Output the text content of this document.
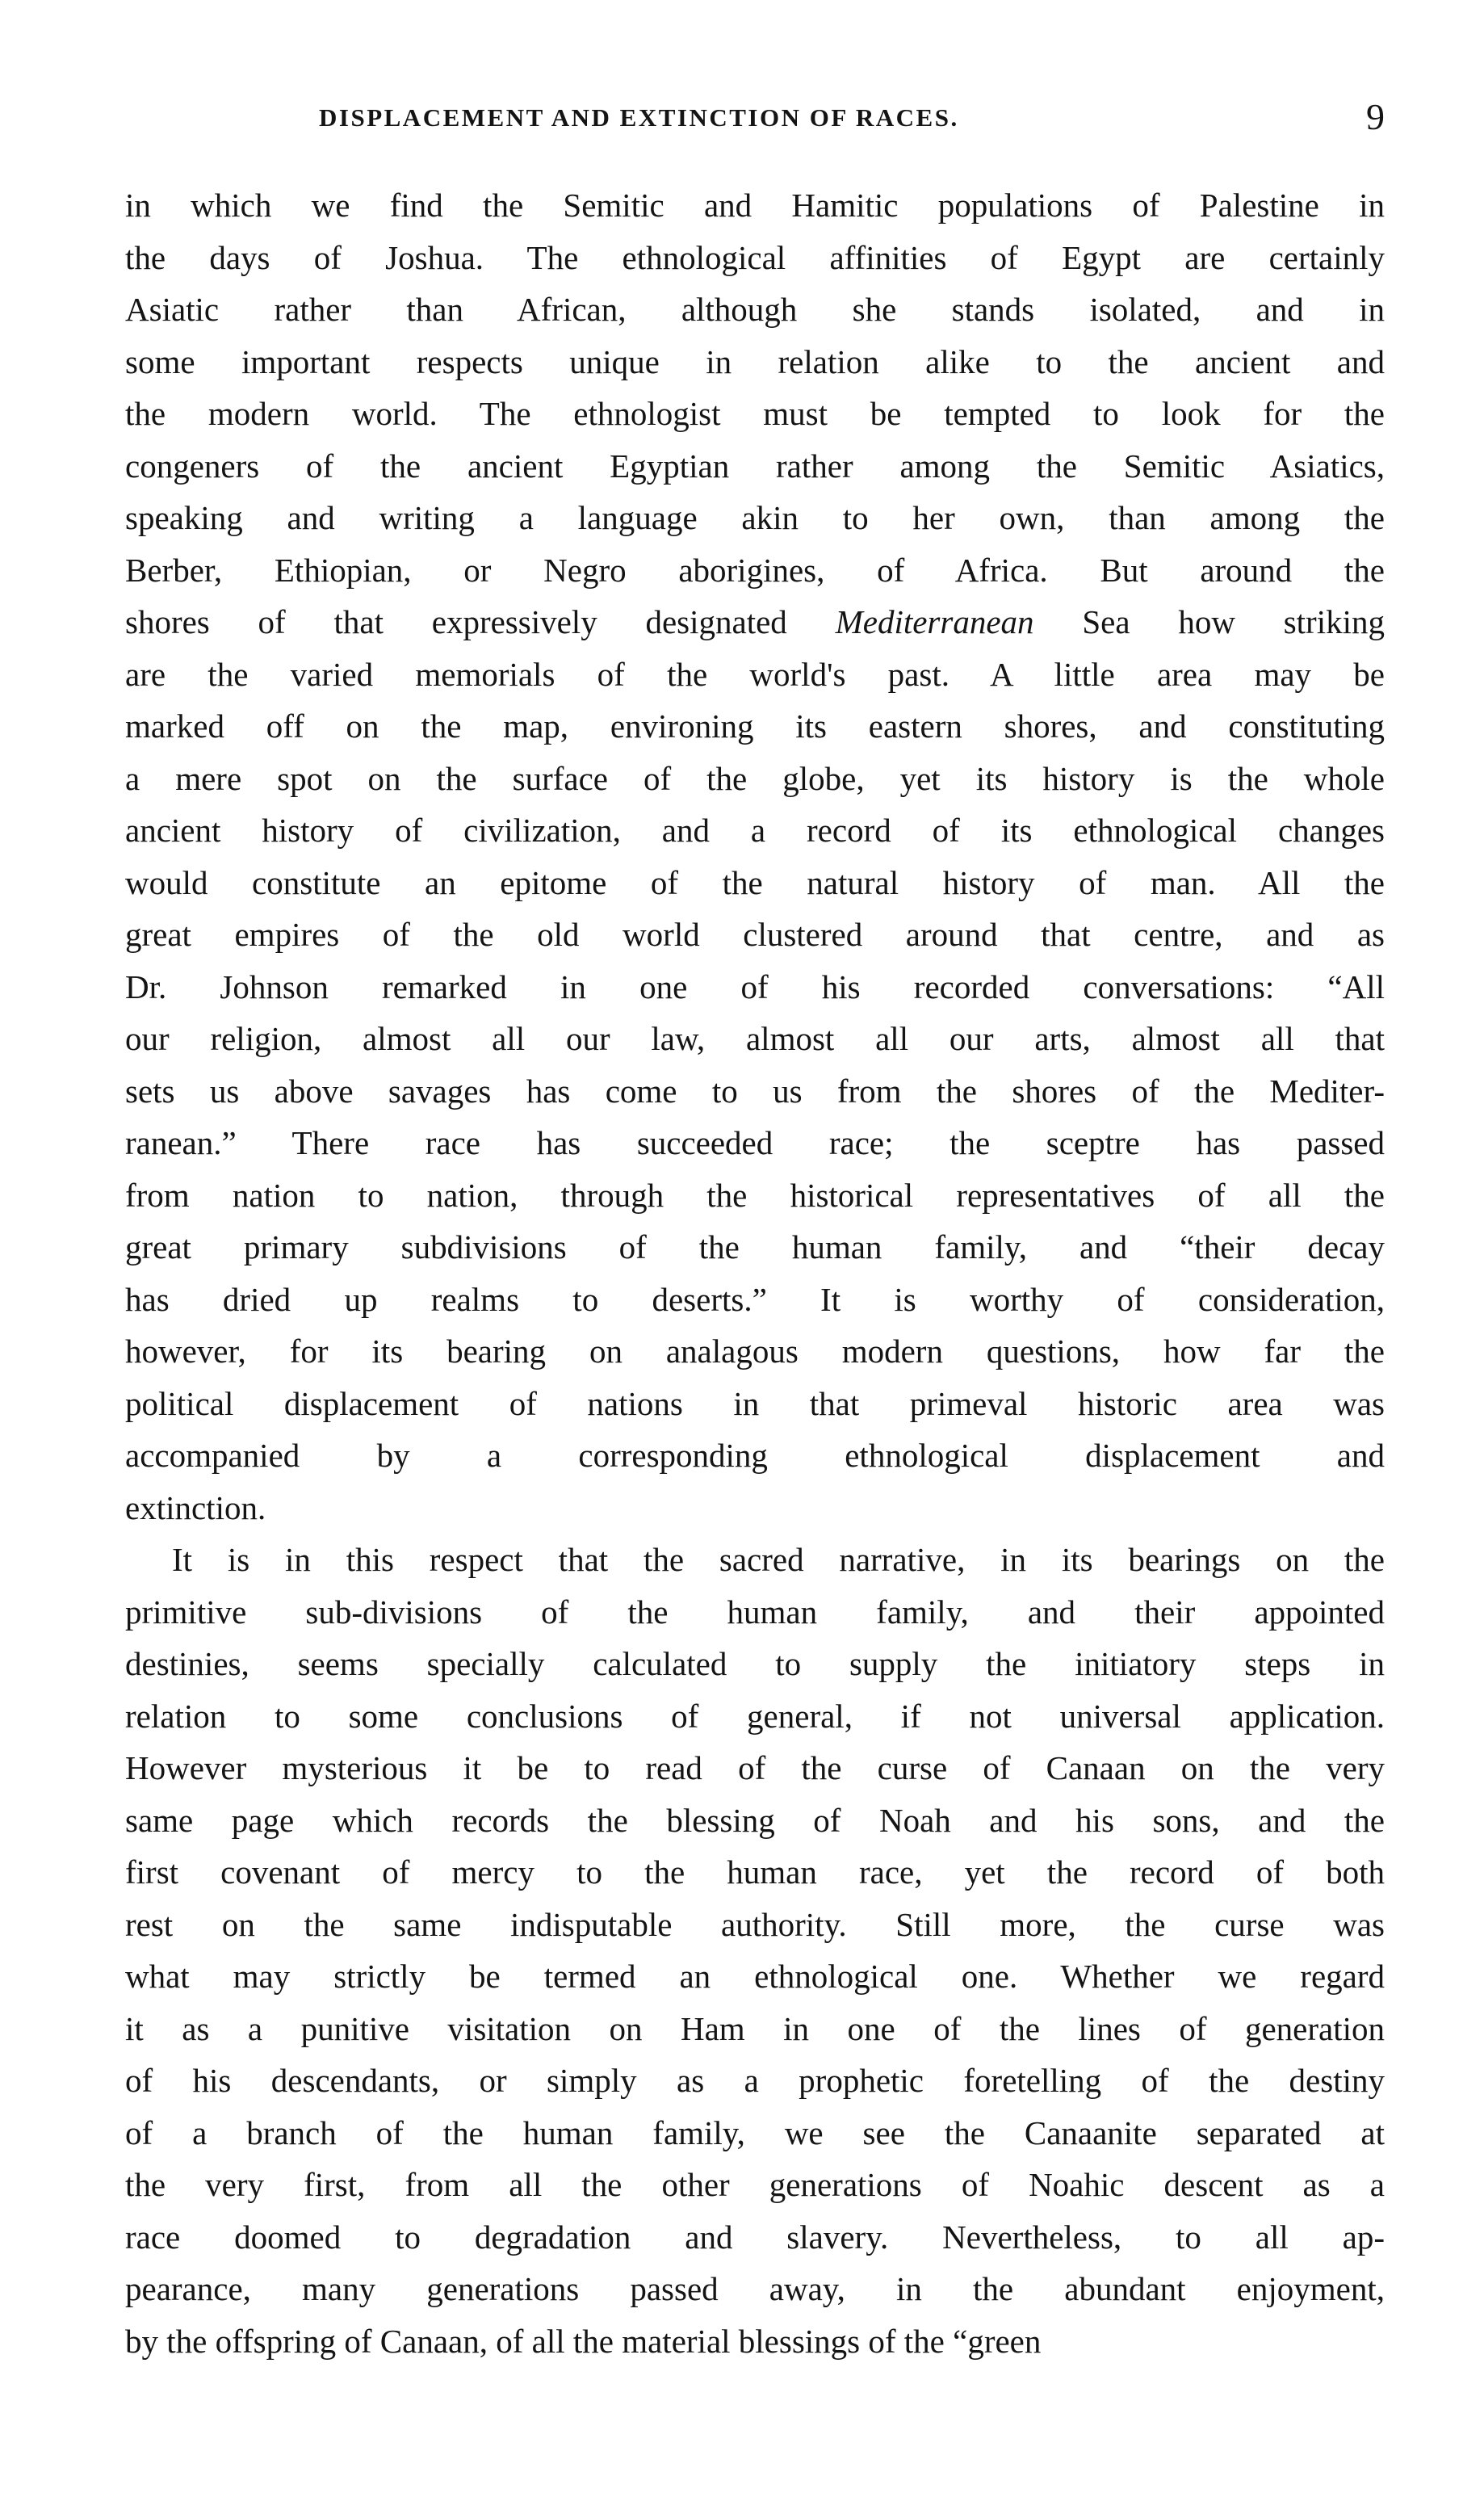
DISPLACEMENT AND EXTINCTION OF RACES.	9
in which we find the Semitic and Hamitic populations of Palestine in
the days of Joshua. The ethnological affinities of Egypt are certainly
Asiatic rather than African, although she stands isolated, and in
some important respects unique in relation alike to the ancient and
the modern world. The ethnologist must be tempted to look for the
congeners of the ancient Egyptian rather among the Semitic Asiatics,
speaking and writing a language akin to her own, than among the
Berber, Ethiopian, or Negro aborigines, of Africa. But around the
shores of that expressively designated Mediterranean Sea how striking
are the varied memorials of the world's past. A little area may be
marked off on the map, environing its eastern shores, and constituting
a mere spot on the surface of the globe, yet its history is the whole
ancient history of civilization, and a record of its ethnological changes
would constitute an epitome of the natural history of man. All the
great empires of the old world clustered around that centre, and as
Dr. Johnson remarked in one of his recorded conversations: “All
our religion, almost all our law, almost all our arts, almost all that
sets us above savages has come to us from the shores of the Mediter-
ranean.” There race has succeeded race; the sceptre has passed
from nation to nation, through the historical representatives of all the
great primary subdivisions of the human family, and “their decay
has dried up realms to deserts.” It is worthy of consideration,
however, for its bearing on analagous modern questions, how far the
political displacement of nations in that primeval historic area was
accompanied by a corresponding ethnological displacement and
extinction.
It is in this respect that the sacred narrative, in its bearings on the
primitive sub-divisions of the human family, and their appointed
destinies, seems specially calculated to supply the initiatory steps in
relation to some conclusions of general, if not universal application.
However mysterious it be to read of the curse of Canaan on the very
same page which records the blessing of Noah and his sons, and the
first covenant of mercy to the human race, yet the record of both
rest on the same indisputable authority. Still more, the curse was
what may strictly be termed an ethnological one. Whether we regard
it as a punitive visitation on Ham in one of the lines of generation
of his descendants, or simply as a prophetic foretelling of the destiny
of a branch of the human family, we see the Canaanite separated at
the very first, from all the other generations of Noahic descent as a
race doomed to degradation and slavery. Nevertheless, to all ap-
pearance, many generations passed away, in the abundant enjoyment,
by the offspring of Canaan, of all the material blessings of the “green
